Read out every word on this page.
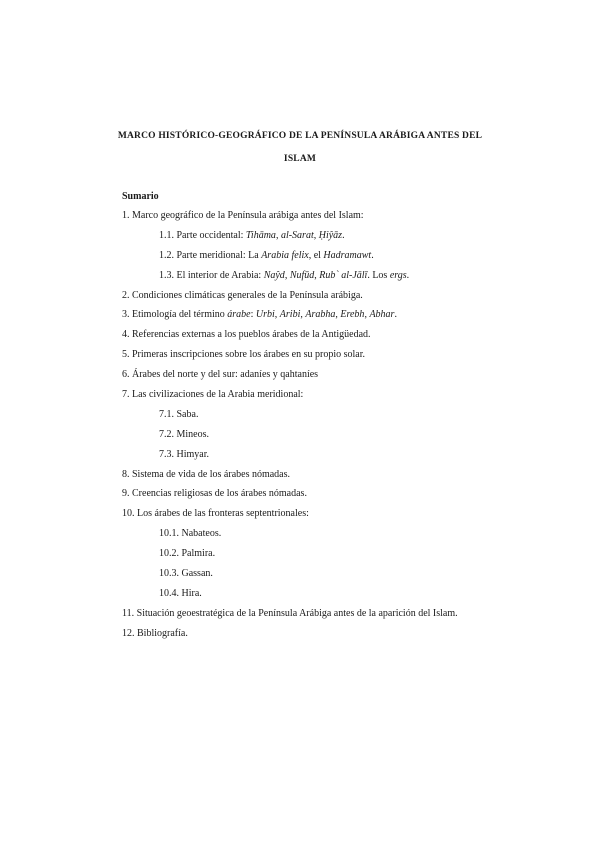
MARCO HISTÓRICO-GEOGRÁFICO DE LA PENÍNSULA ARÁBIGA ANTES DEL
ISLAM
Sumario
1. Marco geográfico de la Península arábiga antes del Islam:
1.1. Parte occidental: Tihāma, al-Sarat, Ḥiŷāz.
1.2. Parte meridional: La Arabia felix, el Hadramawt.
1.3. El interior de Arabia: Naŷd, Nufūd, Rub` al-Jālī. Los ergs.
2. Condiciones climáticas generales de la Península arábiga.
3. Etimología del término árabe: Urbi, Aribi, Arabha, Erebh, Abhar.
4. Referencias externas a los pueblos árabes de la Antigüedad.
5. Primeras inscripciones sobre los árabes en su propio solar.
6. Árabes del norte y del sur: adaníes y qahtaníes
7. Las civilizaciones de la Arabia meridional:
7.1. Saba.
7.2. Mineos.
7.3. Himyar.
8. Sistema de vida de los árabes nómadas.
9. Creencias religiosas de los árabes nómadas.
10. Los árabes de las fronteras septentrionales:
10.1. Nabateos.
10.2. Palmira.
10.3. Gassan.
10.4. Hira.
11. Situación geoestratégica de la Península Arábiga antes de la aparición del Islam.
12. Bibliografía.
